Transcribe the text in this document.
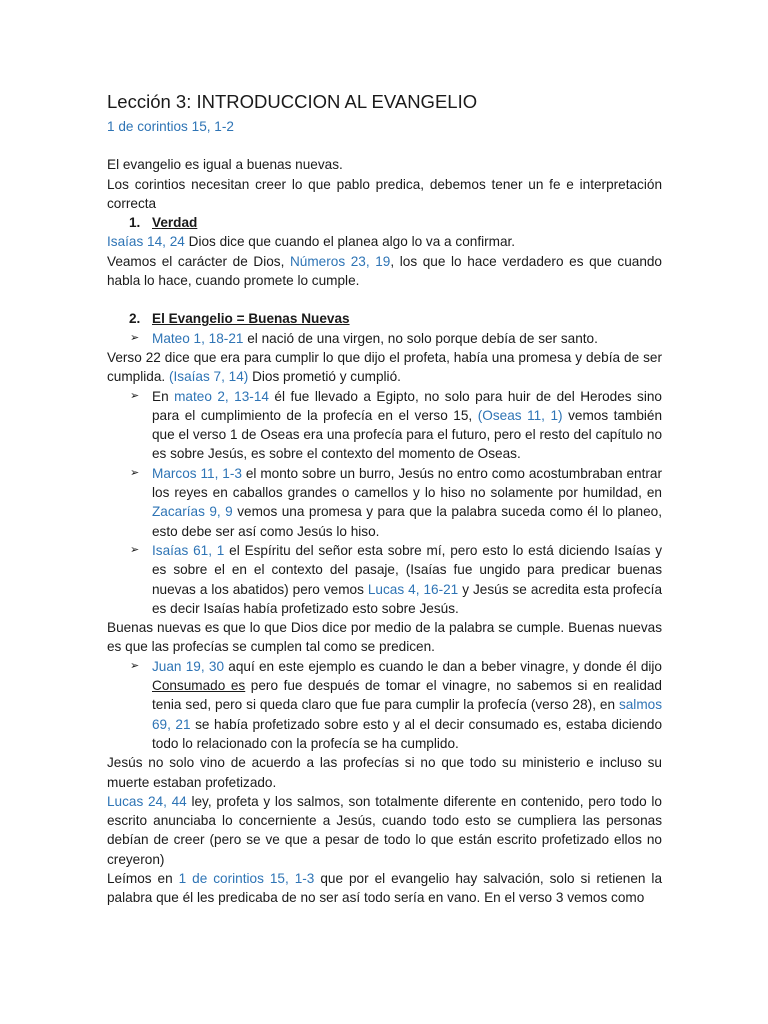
Lección 3: INTRODUCCION AL EVANGELIO

1 de corintios 15, 1-2

El evangelio es igual a buenas nuevas.

Los corintios necesitan creer lo que pablo predica, debemos tener un fe e interpretación correcta

1. Verdad

Isaías 14, 24 Dios dice que cuando el planea algo lo va a confirmar.

Veamos el carácter de Dios, Números 23, 19, los que lo hace verdadero es que cuando habla lo hace, cuando promete lo cumple.

2. El Evangelio = Buenas Nuevas
➢ Mateo 1, 18-21 el nació de una virgen, no solo porque debía de ser santo.

Verso 22 dice que era para cumplir lo que dijo el profeta, había una promesa y debía de ser cumplida. (Isaías 7, 14) Dios prometió y cumplió.

➢ En mateo 2, 13-14 él fue llevado a Egipto, no solo para huir de del Herodes sino para el cumplimiento de la profecía en el verso 15, (Oseas 11, 1) vemos también que el verso 1 de Oseas era una profecía para el futuro, pero el resto del capítulo no es sobre Jesús, es sobre el contexto del momento de Oseas.
➢ Marcos 11, 1-3 el monto sobre un burro, Jesús no entro como acostumbraban entrar los reyes en caballos grandes o camellos y lo hiso no solamente por humildad, en Zacarías 9, 9 vemos una promesa y para que la palabra suceda como él lo planeo, esto debe ser así como Jesús lo hiso.
➢ Isaías 61, 1 el Espíritu del señor esta sobre mí, pero esto lo está diciendo Isaías y es sobre el en el contexto del pasaje, (Isaías fue ungido para predicar buenas nuevas a los abatidos) pero vemos Lucas 4, 16-21 y Jesús se acredita esta profecía es decir Isaías había profetizado esto sobre Jesús.

Buenas nuevas es que lo que Dios dice por medio de la palabra se cumple. Buenas nuevas es que las profecías se cumplen tal como se predicen.

➢ Juan 19, 30 aquí en este ejemplo es cuando le dan a beber vinagre, y donde él dijo Consumado es pero fue después de tomar el vinagre, no sabemos si en realidad tenia sed, pero si queda claro que fue para cumplir la profecía (verso 28), en salmos 69, 21 se había profetizado sobre esto y al el decir consumado es, estaba diciendo todo lo relacionado con la profecía se ha cumplido.

Jesús no solo vino de acuerdo a las profecías si no que todo su ministerio e incluso su muerte estaban profetizado.

Lucas 24, 44 ley, profeta y los salmos, son totalmente diferente en contenido, pero todo lo escrito anunciaba lo concerniente a Jesús, cuando todo esto se cumpliera las personas debían de creer (pero se ve que a pesar de todo lo que están escrito profetizado ellos no creyeron)

Leímos en 1 de corintios 15, 1-3 que por el evangelio hay salvación, solo si retienen la palabra que él les predicaba de no ser así todo sería en vano. En el verso 3 vemos como
